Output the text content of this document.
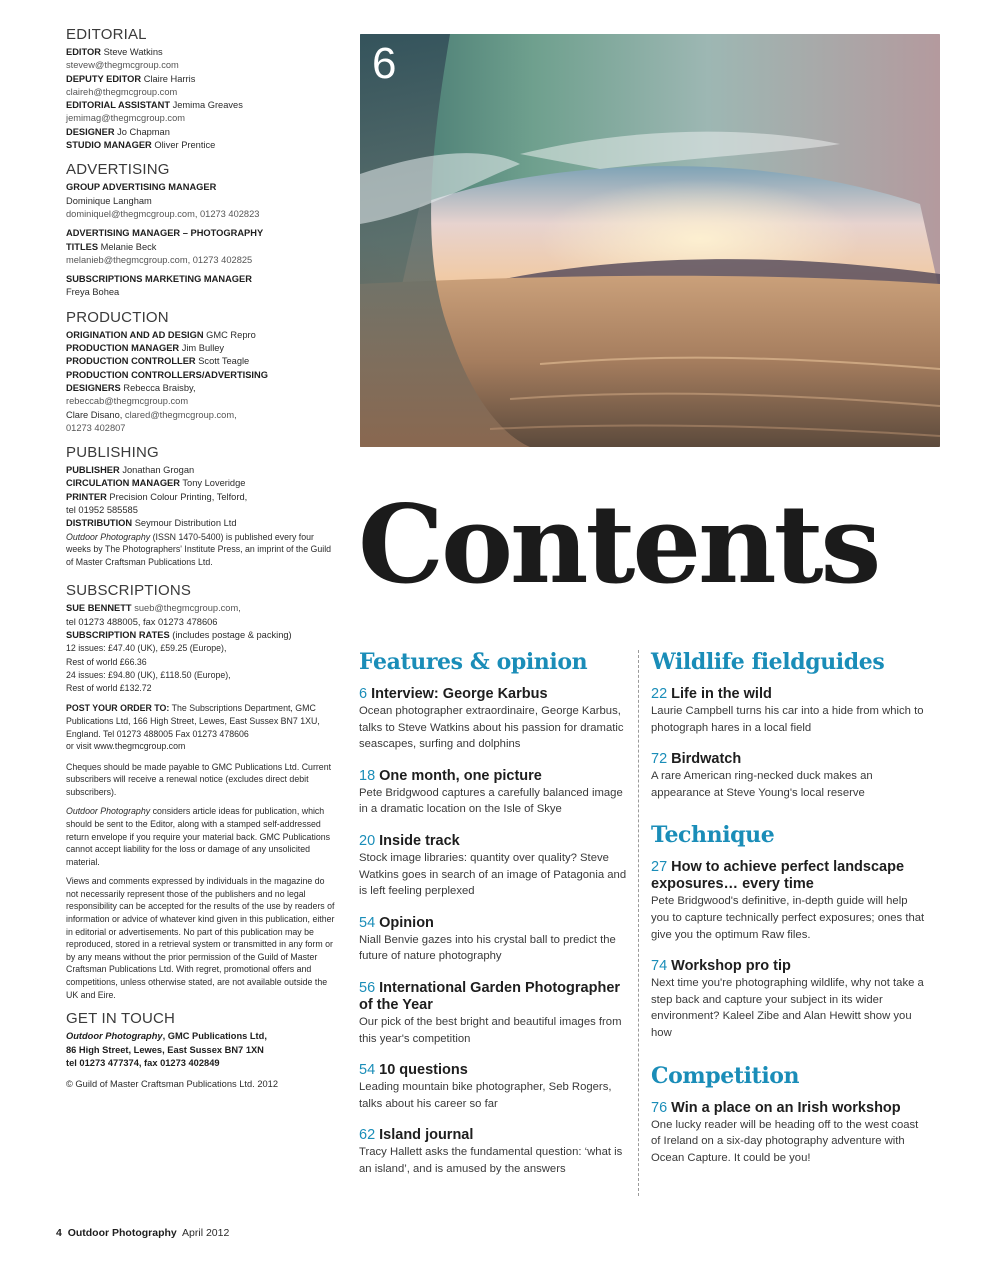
EDITORIAL

EDITOR Steve Watkins

stevew@thegmcgroup.com

DEPUTY EDITOR Claire Harris

claireh@thegmcgroup.com

EDITORIAL ASSISTANT Jemima Greaves

jemimag@thegmcgroup.com

DESIGNER Jo Chapman

STUDIO MANAGER Oliver Prentice

ADVERTISING

GROUP ADVERTISING MANAGER

Dominique Langham

dominiquel@thegmcgroup.com, 01273 402823

ADVERTISING MANAGER – PHOTOGRAPHY

TITLES Melanie Beck

melanieb@thegmcgroup.com, 01273 402825

SUBSCRIPTIONS MARKETING MANAGER

Freya Bohea

PRODUCTION

ORIGINATION AND AD DESIGN GMC Repro

PRODUCTION MANAGER Jim Bulley

PRODUCTION CONTROLLER Scott Teagle

PRODUCTION CONTROLLERS/ADVERTISING

DESIGNERS Rebecca Braisby,

rebeccab@thegmcgroup.com

Clare Disano, clared@thegmcgroup.com,

01273 402807

PUBLISHING

PUBLISHER Jonathan Grogan

CIRCULATION MANAGER Tony Loveridge

PRINTER Precision Colour Printing, Telford,

tel 01952 585585

DISTRIBUTION Seymour Distribution Ltd

Outdoor Photography (ISSN 1470-5400) is published every four weeks by The Photographers' Institute Press, an imprint of the Guild of Master Craftsman Publications Ltd.

SUBSCRIPTIONS

SUE BENNETT sueb@thegmcgroup.com,

tel 01273 488005, fax 01273 478606

SUBSCRIPTION RATES (includes postage & packing)

12 issues: £47.40 (UK), £59.25 (Europe),

Rest of world £66.36

24 issues: £94.80 (UK), £118.50 (Europe),

Rest of world £132.72

POST YOUR ORDER TO: The Subscriptions Department, GMC Publications Ltd, 166 High Street, Lewes, East Sussex BN7 1XU, England. Tel 01273 488005 Fax 01273 478606

or visit www.thegmcgroup.com

Cheques should be made payable to GMC Publications Ltd. Current subscribers will receive a renewal notice (excludes direct debit subscribers).

Outdoor Photography considers article ideas for publication, which should be sent to the Editor, along with a stamped self-addressed return envelope if you require your material back. GMC Publications cannot accept liability for the loss or damage of any unsolicited material.

Views and comments expressed by individuals in the magazine do not necessarily represent those of the publishers and no legal responsibility can be accepted for the results of the use by readers of information or advice of whatever kind given in this publication, either in editorial or advertisements. No part of this publication may be reproduced, stored in a retrieval system or transmitted in any form or by any means without the prior permission of the Guild of Master Craftsman Publications Ltd. With regret, promotional offers and competitions, unless otherwise stated, are not available outside the UK and Eire.

GET IN TOUCH

Outdoor Photography, GMC Publications Ltd,

86 High Street, Lewes, East Sussex BN7 1XN

tel 01273 477374, fax 01273 402849

© Guild of Master Craftsman Publications Ltd. 2012

6
Contents
Features & opinion
6 Interview: George Karbus
Ocean photographer extraordinaire, George Karbus, talks to Steve Watkins about his passion for dramatic seascapes, surfing and dolphins
18 One month, one picture
Pete Bridgwood captures a carefully balanced image in a dramatic location on the Isle of Skye
20 Inside track
Stock image libraries: quantity over quality? Steve Watkins goes in search of an image of Patagonia and is left feeling perplexed
54 Opinion
Niall Benvie gazes into his crystal ball to predict the future of nature photography
56 International Garden Photographer of the Year
Our pick of the best bright and beautiful images from this year's competition
54 10 questions
Leading mountain bike photographer, Seb Rogers, talks about his career so far
62 Island journal
Tracy Hallett asks the fundamental question: ‘what is an island’, and is amused by the answers
Wildlife fieldguides
22 Life in the wild
Laurie Campbell turns his car into a hide from which to photograph hares in a local field
72 Birdwatch
A rare American ring-necked duck makes an appearance at Steve Young's local reserve
Technique
27 How to achieve perfect landscape exposures… every time
Pete Bridgwood's definitive, in-depth guide will help you to capture technically perfect exposures; ones that give you the optimum Raw files.
74 Workshop pro tip
Next time you're photographing wildlife, why not take a step back and capture your subject in its wider environment? Kaleel Zibe and Alan Hewitt show you how
Competition
76 Win a place on an Irish workshop
One lucky reader will be heading off to the west coast of Ireland on a six-day photography adventure with Ocean Capture. It could be you!
4 Outdoor Photography April 2012
